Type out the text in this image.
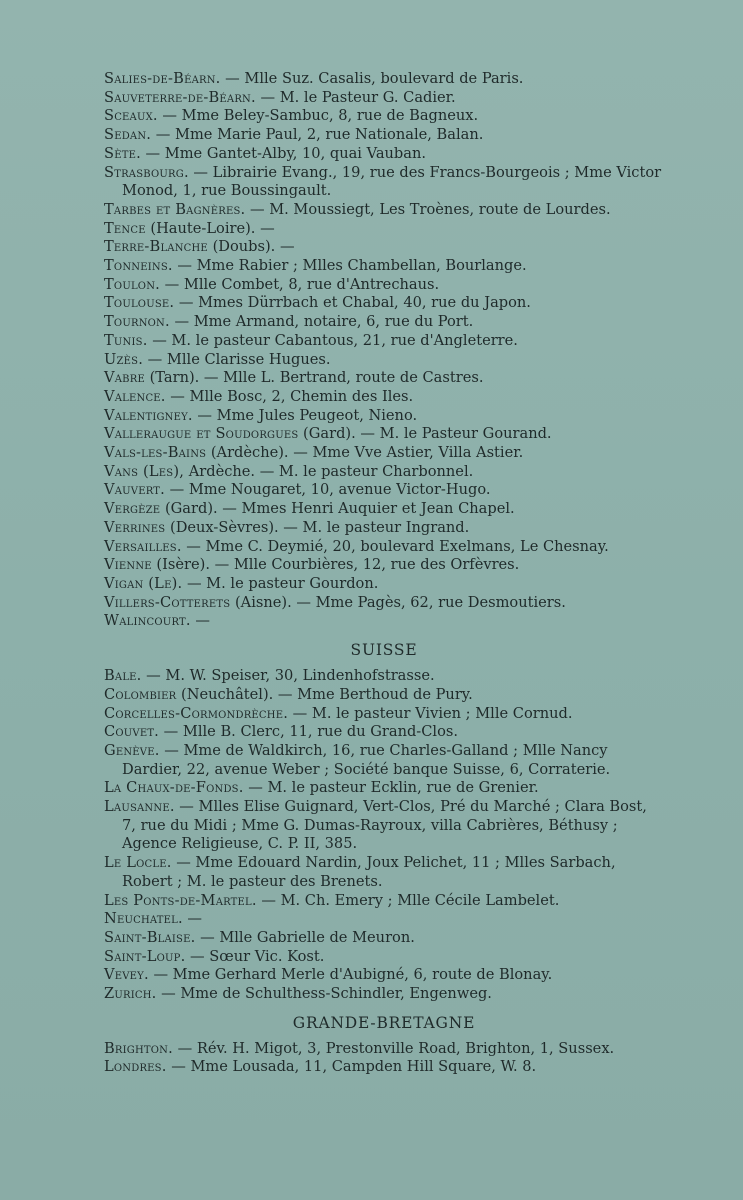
Salies-de-Béarn. — Mlle Suz. Casalis, boulevard de Paris.
Sauveterre-de-Béarn. — M. le Pasteur G. Cadier.
Sceaux. — Mme Beley-Sambuc, 8, rue de Bagneux.
Sedan. — Mme Marie Paul, 2, rue Nationale, Balan.
Sète. — Mme Gantet-Alby, 10, quai Vauban.
Strasbourg. — Librairie Evang., 19, rue des Francs-Bourgeois ; Mme Victor Monod, 1, rue Boussingault.
Tarbes et Bagnères. — M. Moussiegt, Les Troènes, route de Lourdes.
Tence (Haute-Loire). —
Terre-Blanche (Doubs). —
Tonneins. — Mme Rabier ; Mlles Chambellan, Bourlange.
Toulon. — Mlle Combet, 8, rue d'Antrechaus.
Toulouse. — Mmes Dürrbach et Chabal, 40, rue du Japon.
Tournon. — Mme Armand, notaire, 6, rue du Port.
Tunis. — M. le pasteur Cabantous, 21, rue d'Angleterre.
Uzès. — Mlle Clarisse Hugues.
Vabre (Tarn). — Mlle L. Bertrand, route de Castres.
Valence. — Mlle Bosc, 2, Chemin des Iles.
Valentigney. — Mme Jules Peugeot, Nieno.
Valleraugue et Soudorgues (Gard). — M. le Pasteur Gourand.
Vals-les-Bains (Ardèche). — Mme Vve Astier, Villa Astier.
Vans (Les), Ardèche. — M. le pasteur Charbonnel.
Vauvert. — Mme Nougaret, 10, avenue Victor-Hugo.
Vergèze (Gard). — Mmes Henri Auquier et Jean Chapel.
Verrines (Deux-Sèvres). — M. le pasteur Ingrand.
Versailles. — Mme C. Deymié, 20, boulevard Exelmans, Le Chesnay.
Vienne (Isère). — Mlle Courbières, 12, rue des Orfèvres.
Vigan (Le). — M. le pasteur Gourdon.
Villers-Cotterets (Aisne). — Mme Pagès, 62, rue Desmoutiers.
Walincourt. —
SUISSE
Bale. — M. W. Speiser, 30, Lindenhofstrasse.
Colombier (Neuchâtel). — Mme Berthoud de Pury.
Corcelles-Cormondrèche. — M. le pasteur Vivien ; Mlle Cornud.
Couvet. — Mlle B. Clerc, 11, rue du Grand-Clos.
Genève. — Mme de Waldkirch, 16, rue Charles-Galland ; Mlle Nancy Dardier, 22, avenue Weber ; Société banque Suisse, 6, Corraterie.
La Chaux-de-Fonds. — M. le pasteur Ecklin, rue de Grenier.
Lausanne. — Mlles Elise Guignard, Vert-Clos, Pré du Marché ; Clara Bost, 7, rue du Midi ; Mme G. Dumas-Rayroux, villa Cabrières, Béthusy ; Agence Religieuse, C. P. II, 385.
Le Locle. — Mme Edouard Nardin, Joux Pelichet, 11 ; Mlles Sarbach, Robert ; M. le pasteur des Brenets.
Les Ponts-de-Martel. — M. Ch. Emery ; Mlle Cécile Lambelet.
Neuchatel. —
Saint-Blaise. — Mlle Gabrielle de Meuron.
Saint-Loup. — Sœur Vic. Kost.
Vevey. — Mme Gerhard Merle d'Aubigné, 6, route de Blonay.
Zurich. — Mme de Schulthess-Schindler, Engenweg.
GRANDE-BRETAGNE
Brighton. — Rév. H. Migot, 3, Prestonville Road, Brighton, 1, Sussex.
Londres. — Mme Lousada, 11, Campden Hill Square, W. 8.
